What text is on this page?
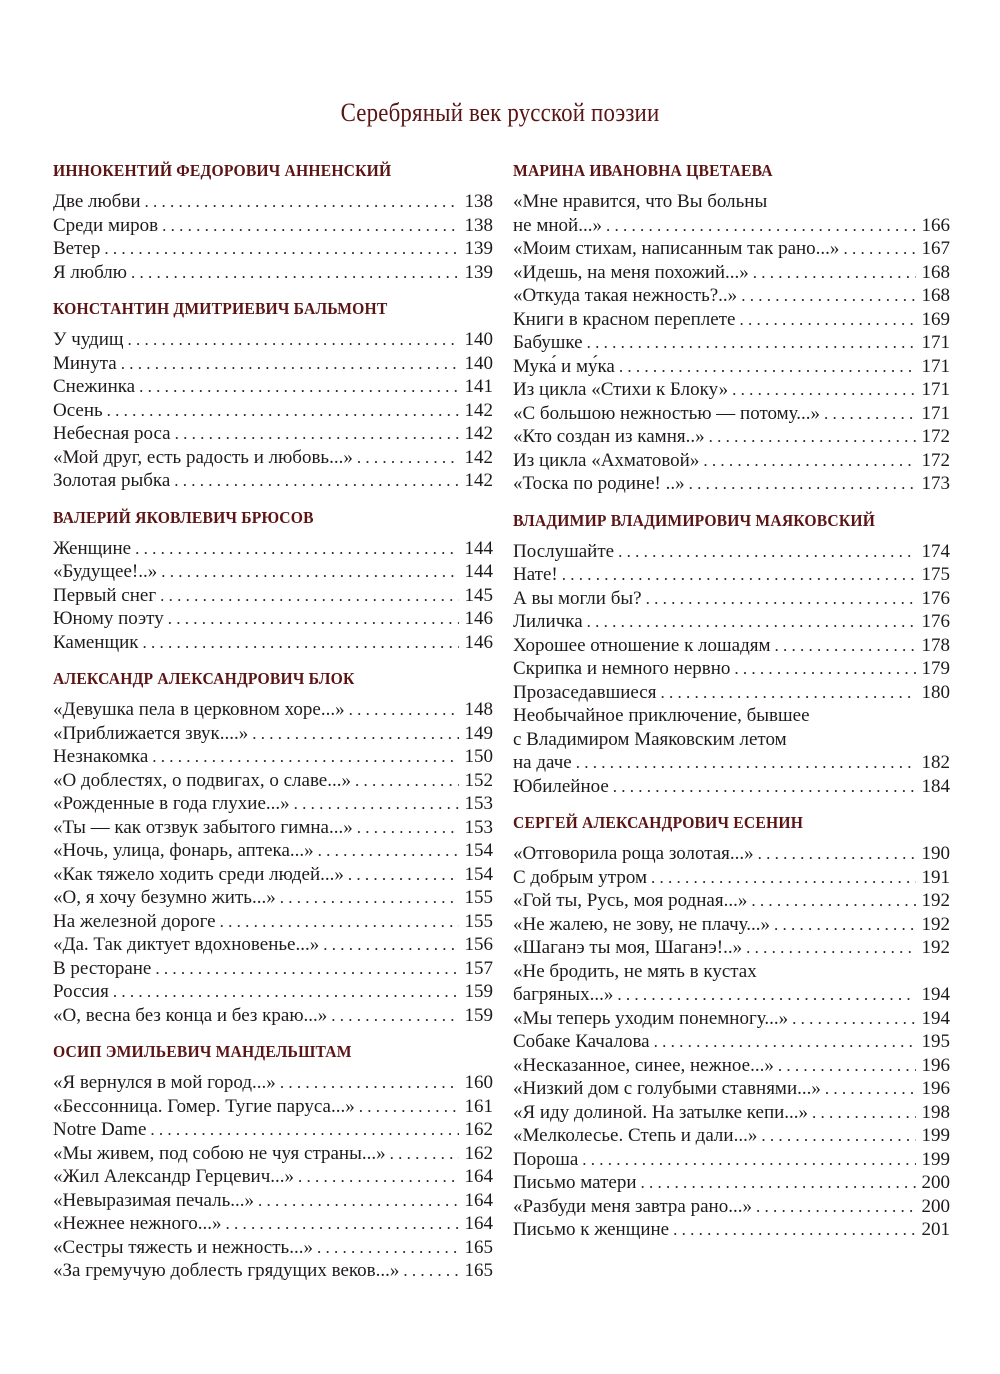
Серебряный век русской поэзии
ИННОКЕНТИЙ ФЕДОРОВИЧ АННЕНСКИЙ
Две любви . . .	138
Среди миров . . .	138
Ветер . . .	139
Я люблю . . .	139
КОНСТАНТИН ДМИТРИЕВИЧ БАЛЬМОНТ
У чудищ . . .	140
Минута . . .	140
Снежинка . . .	141
Осень . . .	142
Небесная роса . . .	142
«Мой друг, есть радость и любовь...» . . .	142
Золотая рыбка . . .	142
ВАЛЕРИЙ ЯКОВЛЕВИЧ БРЮСОВ
Женщине . . .	144
«Будущее!..» . . .	144
Первый снег . . .	145
Юному поэту . . .	146
Каменщик . . .	146
АЛЕКСАНДР АЛЕКСАНДРОВИЧ БЛОК
«Девушка пела в церковном хоре...» . . .	148
«Приближается звук....» . . .	149
Незнакомка . . .	150
«О доблестях, о подвигах, о славе...» . . .	152
«Рожденные в года глухие...» . . .	153
«Ты — как отзвук забытого гимна...» . . .	153
«Ночь, улица, фонарь, аптека...» . . .	154
«Как тяжело ходить среди людей...» . . .	154
«О, я хочу безумно жить...» . . .	155
На железной дороге . . .	155
«Да. Так диктует вдохновенье...» . . .	156
В ресторане . . .	157
Россия . . .	159
«О, весна без конца и без краю...» . . .	159
ОСИП ЭМИЛЬЕВИЧ МАНДЕЛЬШТАМ
«Я вернулся в мой город...» . . .	160
«Бессонница. Гомер. Тугие паруса...» . . .	161
Notre Dame . . .	162
«Мы живем, под собою не чуя страны...» . . .	162
«Жил Александр Герцевич...» . . .	164
«Невыразимая печаль...» . . .	164
«Нежнее нежного...» . . .	164
«Сестры тяжесть и нежность...» . . .	165
«За гремучую доблесть грядущих веков...» . . .	165
МАРИНА ИВАНОВНА ЦВЕТАЕВА
«Мне нравится, что Вы больны
не мной...» . . .	166
«Моим стихам, написанным так рано...» . . .	167
«Идешь, на меня похожий...» . . .	168
«Откуда такая нежность?..» . . .	168
Книги в красном переплете . . .	169
Бабушке . . .	171
Мука́ и му́ка . . .	171
Из цикла «Стихи к Блоку» . . .	171
«С большою нежностью — потому...» . . .	171
«Кто создан из камня..» . . .	172
Из цикла «Ахматовой» . . .	172
«Тоска по родине! ..» . . .	173
ВЛАДИМИР ВЛАДИМИРОВИЧ МАЯКОВСКИЙ
Послушайте . . .	174
Нате! . . .	175
А вы могли бы? . . .	176
Лиличка . . .	176
Хорошее отношение к лошадям . . .	178
Скрипка и немного нервно . . .	179
Прозаседавшиеся . . .	180
Необычайное приключение, бывшее
с Владимиром Маяковским летом
на даче . . .	182
Юбилейное . . .	184
СЕРГЕЙ АЛЕКСАНДРОВИЧ ЕСЕНИН
«Отговорила роща золотая...» . . .	190
С добрым утром . . .	191
«Гой ты, Русь, моя родная...» . . .	192
«Не жалею, не зову, не плачу...» . . .	192
«Шаганэ ты моя, Шаганэ!..» . . .	192
«Не бродить, не мять в кустах
багряных...» . . .	194
«Мы теперь уходим понемногу...» . . .	194
Собаке Качалова . . .	195
«Несказанное, синее, нежное...» . . .	196
«Низкий дом с голубыми ставнями...» . . .	196
«Я иду долиной. На затылке кепи...» . . .	198
«Мелколесье. Степь и дали...» . . .	199
Пороша . . .	199
Письмо матери . . .	200
«Разбуди меня завтра рано...» . . .	200
Письмо к женщине . . .	201
